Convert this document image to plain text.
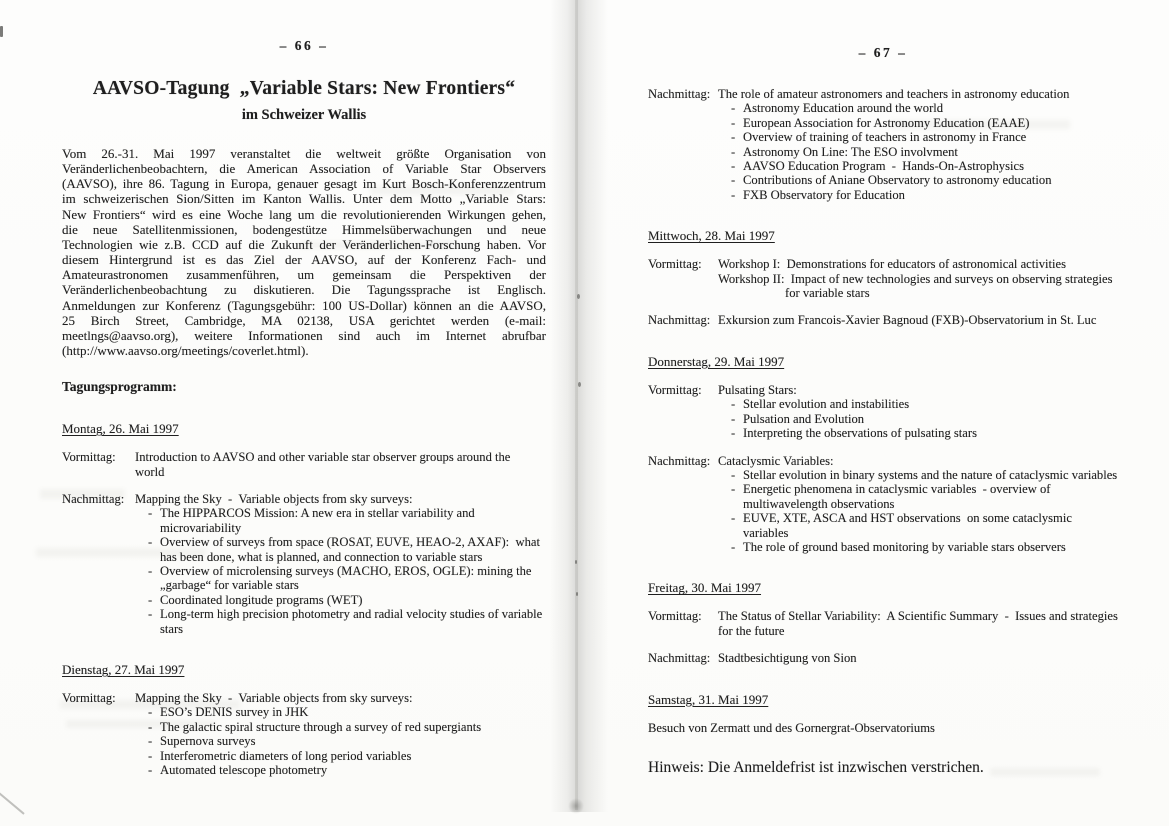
– 66 –
AAVSO-Tagung  „Variable Stars: New Frontiers“
im Schweizer Wallis

Vom 26.-31. Mai 1997 veranstaltet die weltweit größte Organisation von Veränderlichenbeobachtern, die American Association of Variable Star Observers (AAVSO), ihre 86. Tagung in Europa, genauer gesagt im Kurt Bosch-Konferenzzentrum im schweizerischen Sion/Sitten im Kanton Wallis. Unter dem Motto „Variable Stars: New Frontiers“ wird es eine Woche lang um die revolutionierenden Wirkungen gehen, die neue Satellitenmissionen, bodengestütze Himmelsüberwachungen und neue Technologien wie z.B. CCD auf die Zukunft der Veränderlichen-Forschung haben. Vor diesem Hintergrund ist es das Ziel der AAVSO, auf der Konferenz Fach- und Amateurastronomen zusammenführen, um gemeinsam die Perspektiven der Veränderlichenbeobachtung zu diskutieren. Die Tagungssprache ist Englisch. Anmeldungen zur Konferenz (Tagungsgebühr: 100 US-Dollar) können an die AAVSO, 25 Birch Street, Cambridge, MA 02138, USA gerichtet werden (e-mail: meetlngs@aavso.org), weitere Informationen sind auch im Internet abrufbar (http://www.aavso.org/meetings/coverlet.html).

Tagungsprogramm:
Montag, 26. Mai 1997
Vormittag:	Introduction to AAVSO and other variable star observer groups around the
world
Nachmittag: Mapping the Sky  -  Variable objects from sky surveys:
- The HIPPARCOS Mission: A new era in stellar variability and microvariability
- Overview of surveys from space (ROSAT, EUVE, HEAO-2, AXAF):  what has been done, what is planned, and connection to variable stars
- Overview of microlensing surveys (MACHO, EROS, OGLE): mining the „garbage“ for variable stars
- Coordinated longitude programs (WET)
- Long-term high precision photometry and radial velocity studies of variable stars
Dienstag, 27. Mai 1997
Vormittag:	Mapping the Sky  -  Variable objects from sky surveys:
- ESO’s DENIS survey in JHK
- The galactic spiral structure through a survey of red supergiants
- Supernova surveys
- Interferometric diameters of long period variables
- Automated telescope photometry
– 67 –
Nachmittag: The role of amateur astronomers and teachers in astronomy education
- Astronomy Education around the world
- European Association for Astronomy Education (EAAE)
- Overview of training of teachers in astronomy in France
- Astronomy On Line: The ESO involvment
- AAVSO Education Program  -  Hands-On-Astrophysics
- Contributions of Aniane Observatory to astronomy education
- FXB Observatory for Education
Mittwoch, 28. Mai 1997
Vormittag:	Workshop I:  Demonstrations for educators of astronomical activities
Workshop II:  Impact of new technologies and surveys on observing strategies
for variable stars
Nachmittag: Exkursion zum Francois-Xavier Bagnoud (FXB)-Observatorium in St. Luc
Donnerstag, 29. Mai 1997
Vormittag:	Pulsating Stars:
- Stellar evolution and instabilities
- Pulsation and Evolution
- Interpreting the observations of pulsating stars
Nachmittag: Cataclysmic Variables:
- Stellar evolution in binary systems and the nature of cataclysmic variables
- Energetic phenomena in cataclysmic variables  - overview of multiwavelength observations
- EUVE, XTE, ASCA and HST observations  on some cataclysmic variables
- The role of ground based monitoring by variable stars observers
Freitag, 30. Mai 1997
Vormittag:	The Status of Stellar Variability:  A Scientific Summary  -  Issues and strategies
for the future
Nachmittag: Stadtbesichtigung von Sion
Samstag, 31. Mai 1997
Besuch von Zermatt und des Gornergrat-Observatoriums

Hinweis: Die Anmeldefrist ist inzwischen verstrichen.
